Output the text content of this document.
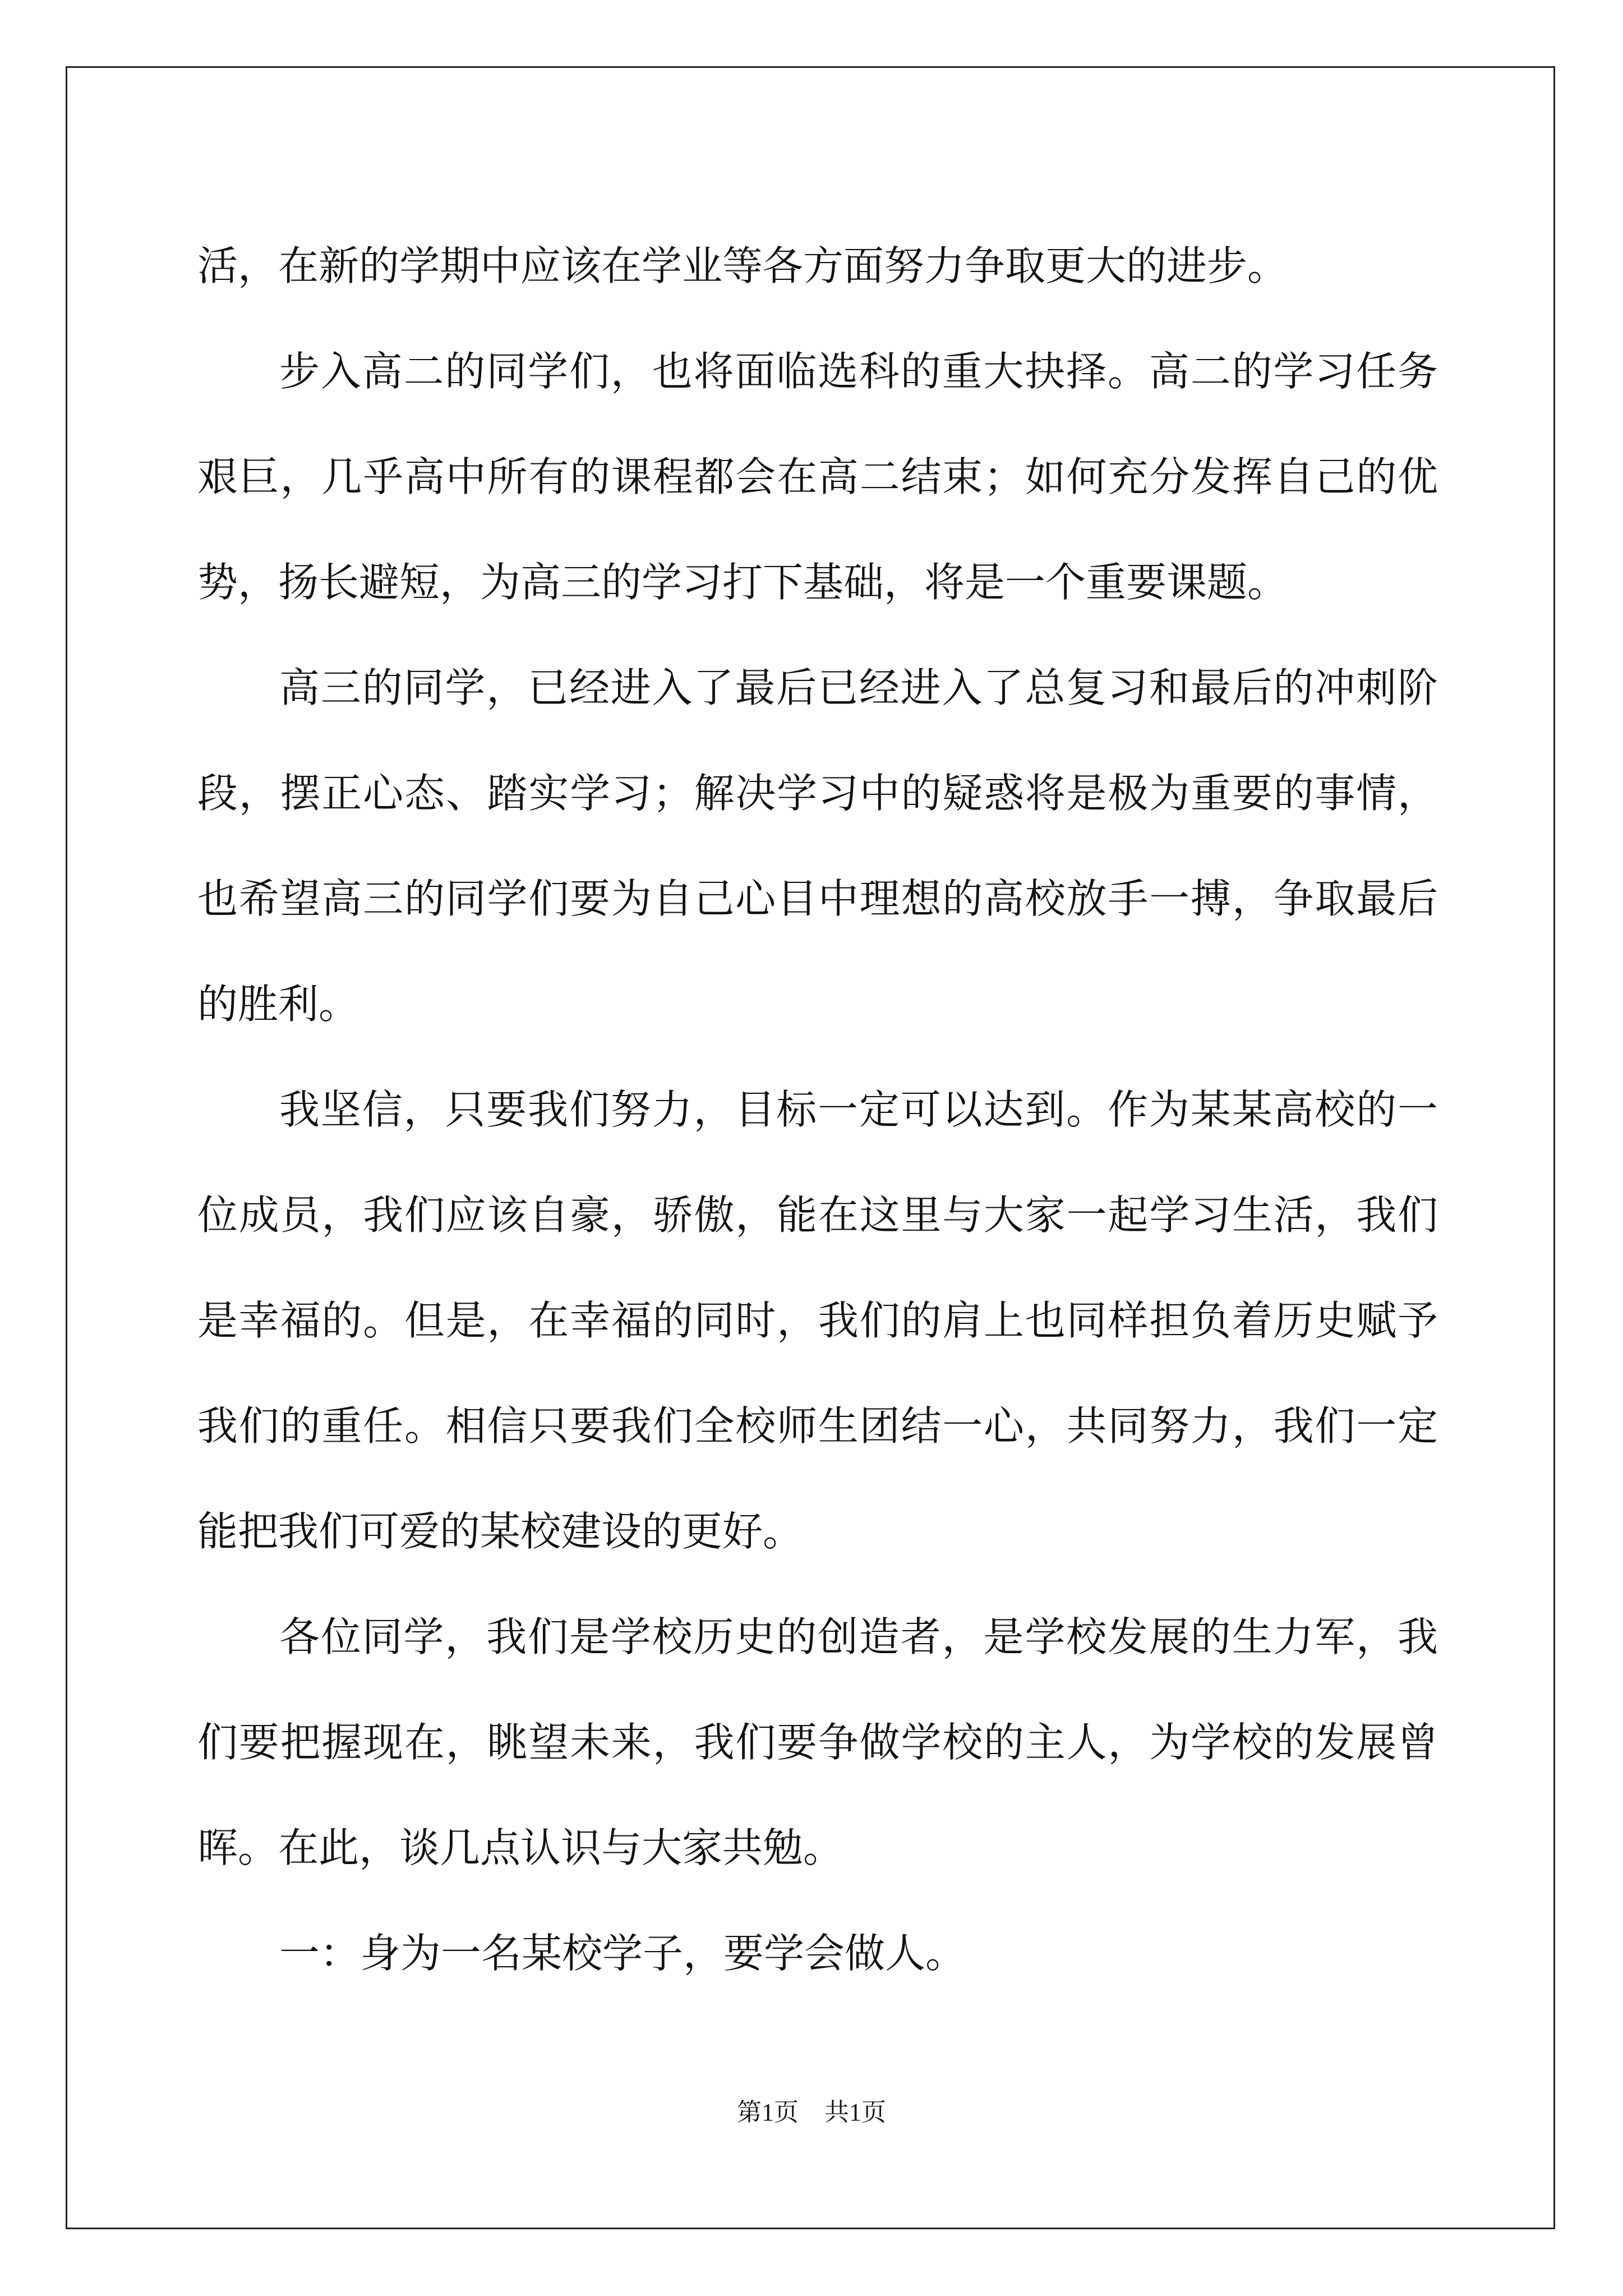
活，在新的学期中应该在学业等各方面努力争取更大的进步。

步入高二的同学们，也将面临选科的重大抉择。高二的学习任务艰巨，几乎高中所有的课程都会在高二结束；如何充分发挥自己的优势，扬长避短，为高三的学习打下基础，将是一个重要课题。

高三的同学，已经进入了最后已经进入了总复习和最后的冲刺阶段，摆正心态、踏实学习；解决学习中的疑惑将是极为重要的事情，也希望高三的同学们要为自己心目中理想的高校放手一搏，争取最后的胜利。

我坚信，只要我们努力，目标一定可以达到。作为某某高校的一位成员，我们应该自豪，骄傲，能在这里与大家一起学习生活，我们是幸福的。但是，在幸福的同时，我们的肩上也同样担负着历史赋予我们的重任。相信只要我们全校师生团结一心，共同努力，我们一定能把我们可爱的某校建设的更好。

各位同学，我们是学校历史的创造者，是学校发展的生力军，我们要把握现在，眺望未来，我们要争做学校的主人，为学校的发展曾晖。在此，谈几点认识与大家共勉。

一：身为一名某校学子，要学会做人。

第1页 共1页
